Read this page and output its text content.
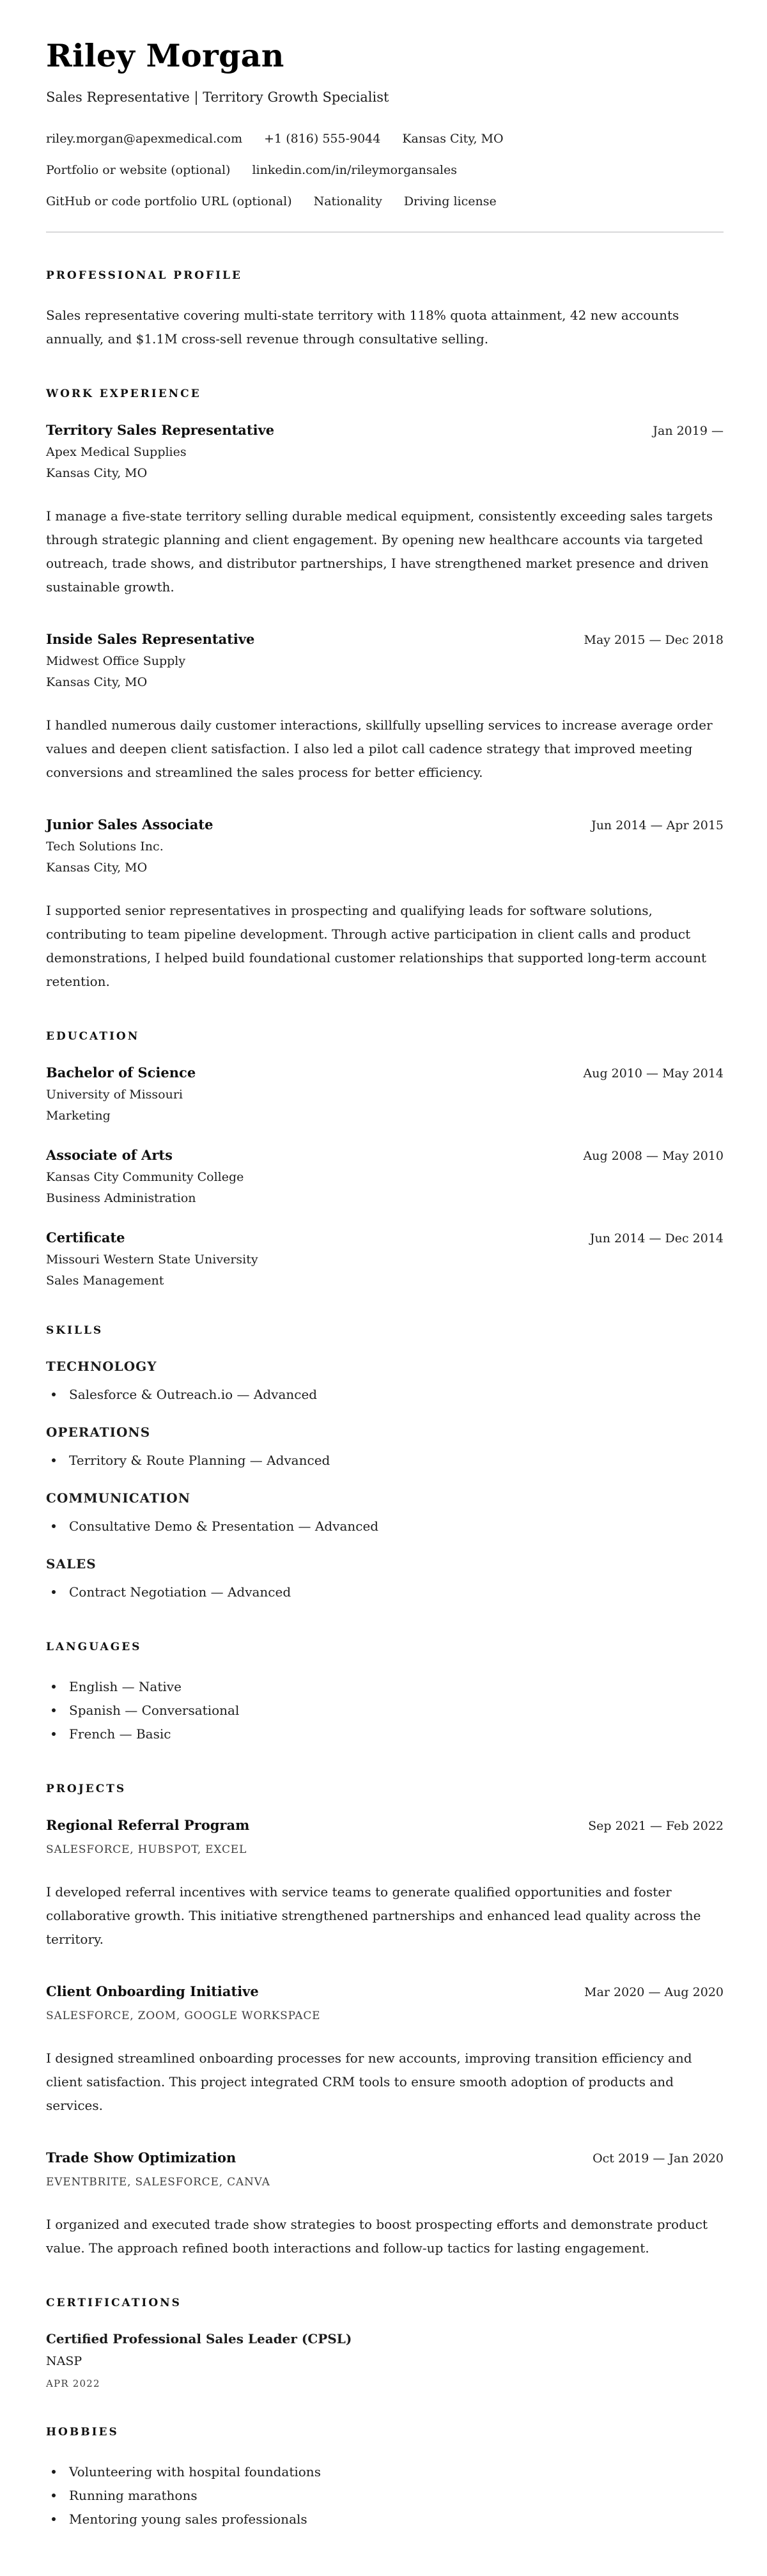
Riley Morgan

Sales Representative | Territory Growth Specialist

riley.morgan@apexmedical.com +1 (816) 555-9044 Kansas City, MO
Portfolio or website (optional) linkedin.com/in/rileymorgansales
GitHub or code portfolio URL (optional) Nationality Driving license
PROFESSIONAL PROFILE

Sales representative covering multi-state territory with 118% quota attainment, 42 new accounts annually, and $1.1M cross-sell revenue through consultative selling.

WORK EXPERIENCE
Territory Sales Representative	Jan 2019 —
Apex Medical Supplies
Kansas City, MO

I manage a five-state territory selling durable medical equipment, consistently exceeding sales targets through strategic planning and client engagement. By opening new healthcare accounts via targeted outreach, trade shows, and distributor partnerships, I have strengthened market presence and driven sustainable growth.

Inside Sales Representative	May 2015 — Dec 2018
Midwest Office Supply
Kansas City, MO

I handled numerous daily customer interactions, skillfully upselling services to increase average order values and deepen client satisfaction. I also led a pilot call cadence strategy that improved meeting conversions and streamlined the sales process for better efficiency.

Junior Sales Associate	Jun 2014 — Apr 2015
Tech Solutions Inc.
Kansas City, MO

I supported senior representatives in prospecting and qualifying leads for software solutions, contributing to team pipeline development. Through active participation in client calls and product demonstrations, I helped build foundational customer relationships that supported long-term account retention.

EDUCATION
Bachelor of Science	Aug 2010 — May 2014
University of Missouri
Marketing
Associate of Arts	Aug 2008 — May 2010
Kansas City Community College
Business Administration
Certificate	Jun 2014 — Dec 2014
Missouri Western State University
Sales Management
SKILLS
TECHNOLOGY
Salesforce & Outreach.io — Advanced
OPERATIONS
Territory & Route Planning — Advanced
COMMUNICATION
Consultative Demo & Presentation — Advanced
SALES
Contract Negotiation — Advanced
LANGUAGES
English — Native
Spanish — Conversational
French — Basic
PROJECTS
Regional Referral Program	Sep 2021 — Feb 2022
SALESFORCE, HUBSPOT, EXCEL

I developed referral incentives with service teams to generate qualified opportunities and foster collaborative growth. This initiative strengthened partnerships and enhanced lead quality across the territory.

Client Onboarding Initiative	Mar 2020 — Aug 2020
SALESFORCE, ZOOM, GOOGLE WORKSPACE

I designed streamlined onboarding processes for new accounts, improving transition efficiency and client satisfaction. This project integrated CRM tools to ensure smooth adoption of products and services.

Trade Show Optimization	Oct 2019 — Jan 2020
EVENTBRITE, SALESFORCE, CANVA

I organized and executed trade show strategies to boost prospecting efforts and demonstrate product value. The approach refined booth interactions and follow-up tactics for lasting engagement.

CERTIFICATIONS
Certified Professional Sales Leader (CPSL)
NASP
APR 2022
HOBBIES
Volunteering with hospital foundations
Running marathons
Mentoring young sales professionals
